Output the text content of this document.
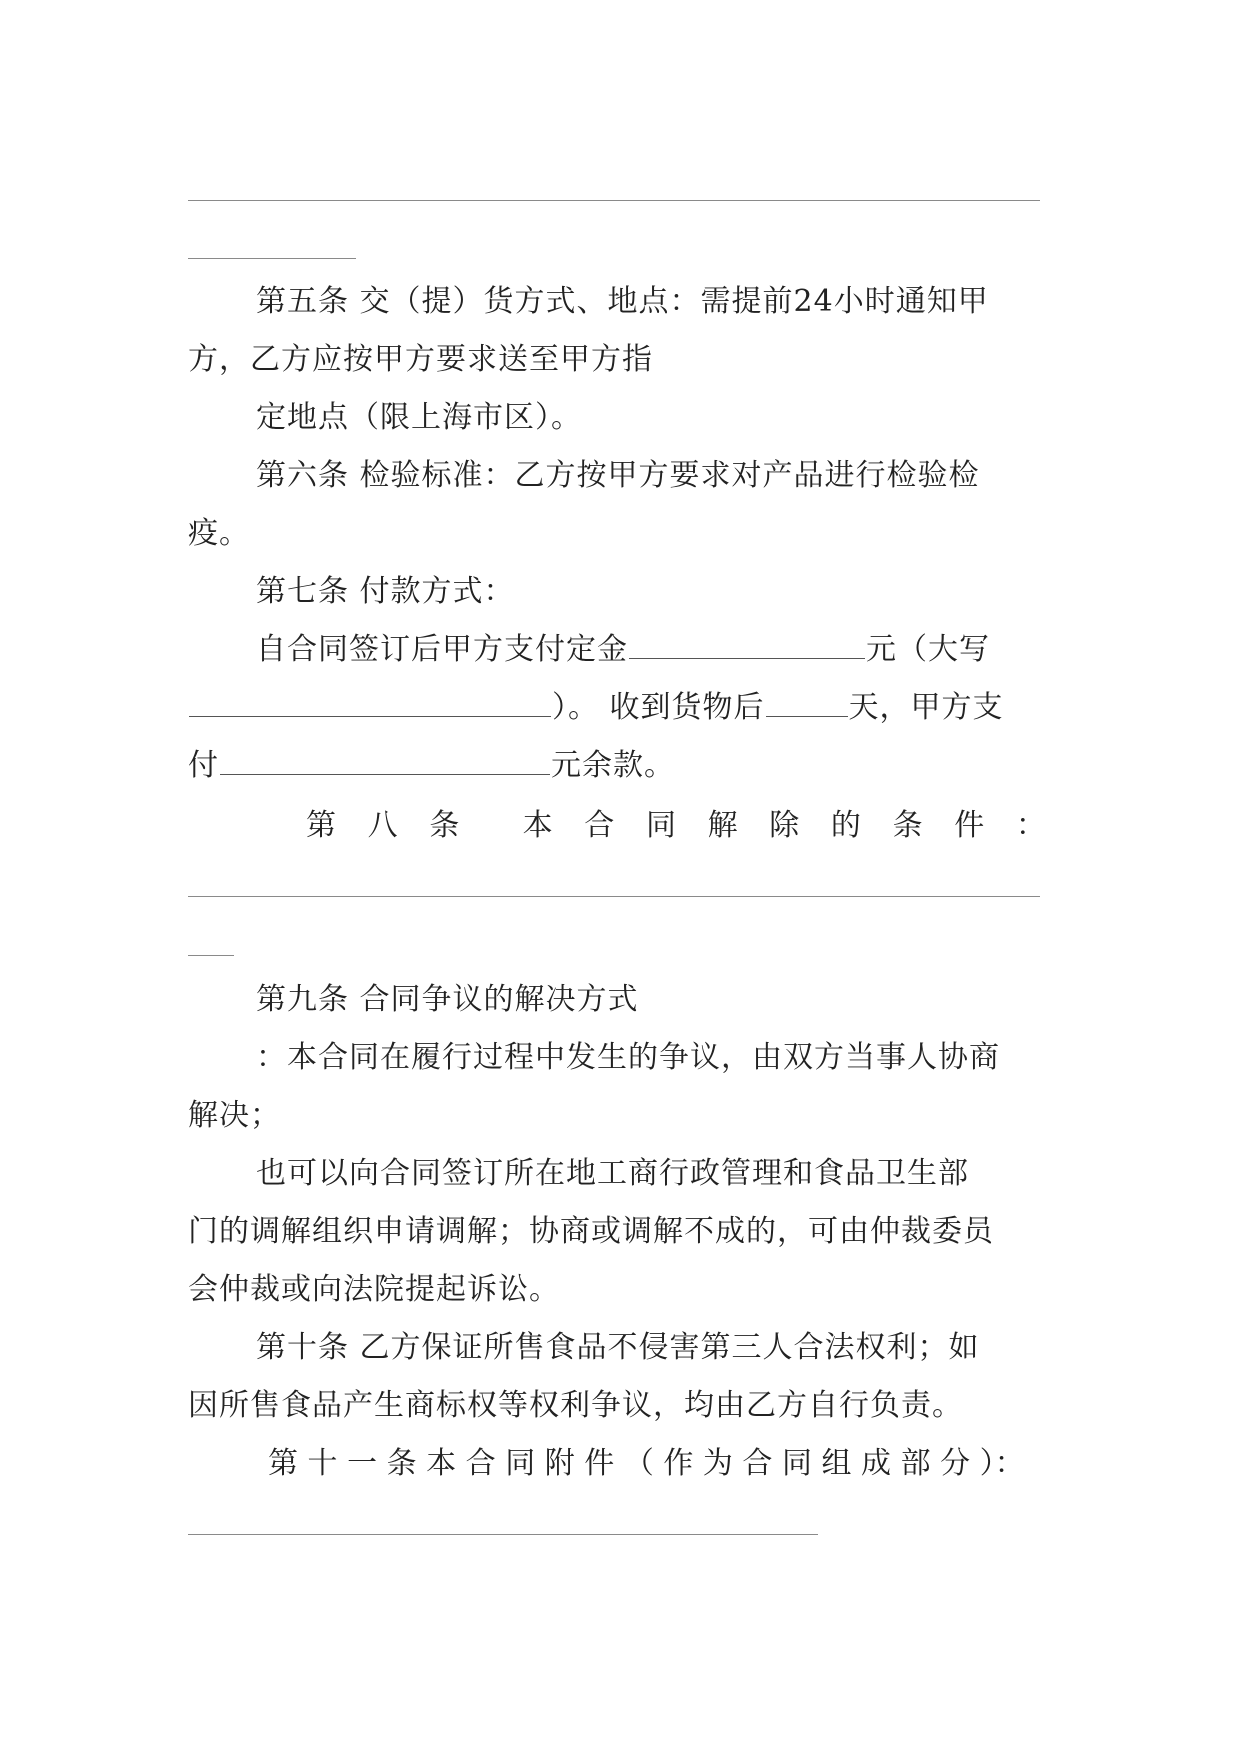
第五条 交（提）货方式、地点：需提前24小时通知甲
方，乙方应按甲方要求送至甲方指
定地点（限上海市区）。
第六条 检验标准：乙方按甲方要求对产品进行检验检
疫。
第七条 付款方式：
自合同签订后甲方支付定金	元（大写
）。 收到货物后	天，甲方支
付	元余款。
第 八 条 本 合 同 解 除 的 条 件 ：
第九条 合同争议的解决方式
：本合同在履行过程中发生的争议，由双方当事人协商
解决；
也可以向合同签订所在地工商行政管理和食品卫生部
门的调解组织申请调解；协商或调解不成的，可由仲裁委员
会仲裁或向法院提起诉讼。
第十条 乙方保证所售食品不侵害第三人合法权利；如
因所售食品产生商标权等权利争议，均由乙方自行负责。
第 十 一 条 本 合 同 附 件 （ 作 为 合 同 组 成 部 分 ）：
